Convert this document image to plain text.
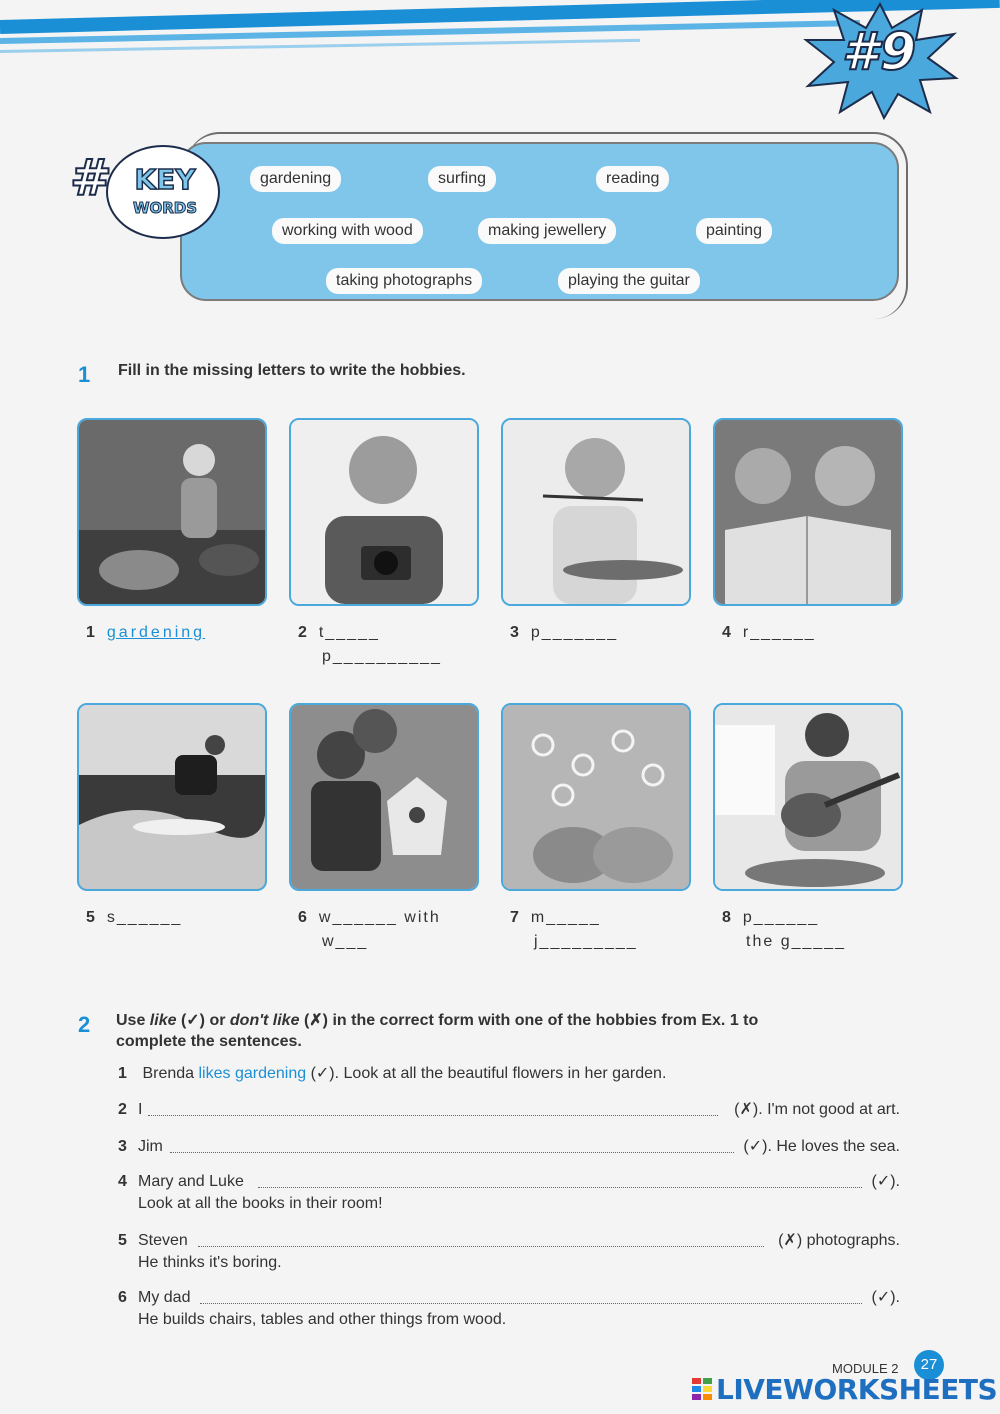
#9
gardening	surfing	reading
working with wood	making jewellery	painting
taking photographs	playing the guitar
# KEY
WORDS
1 Fill in the missing letters to write the hobbies.
1 gardening	2 t_____
p__________
3 p_______	4 r______
5 s______	6 w______ with
w___
7 m_____
j_________
8 p______
the g_____
2 Use like (✓) or don't like (✗) in the correct form with one of the hobbies from Ex. 1 to
complete the sentences.
1 Brenda likes gardening (✓). Look at all the beautiful flowers in her garden.
2 I	(✗). I'm not good at art.
3 Jim	(✓). He loves the sea.
4 Mary and Luke	(✓).

Look at all the books in their room!
5 Steven	(✗) photographs.

He thinks it's boring.
6 My dad	(✓).

He builds chairs, tables and other things from wood.
MODULE 2	27
LIVEWORKSHEETS
